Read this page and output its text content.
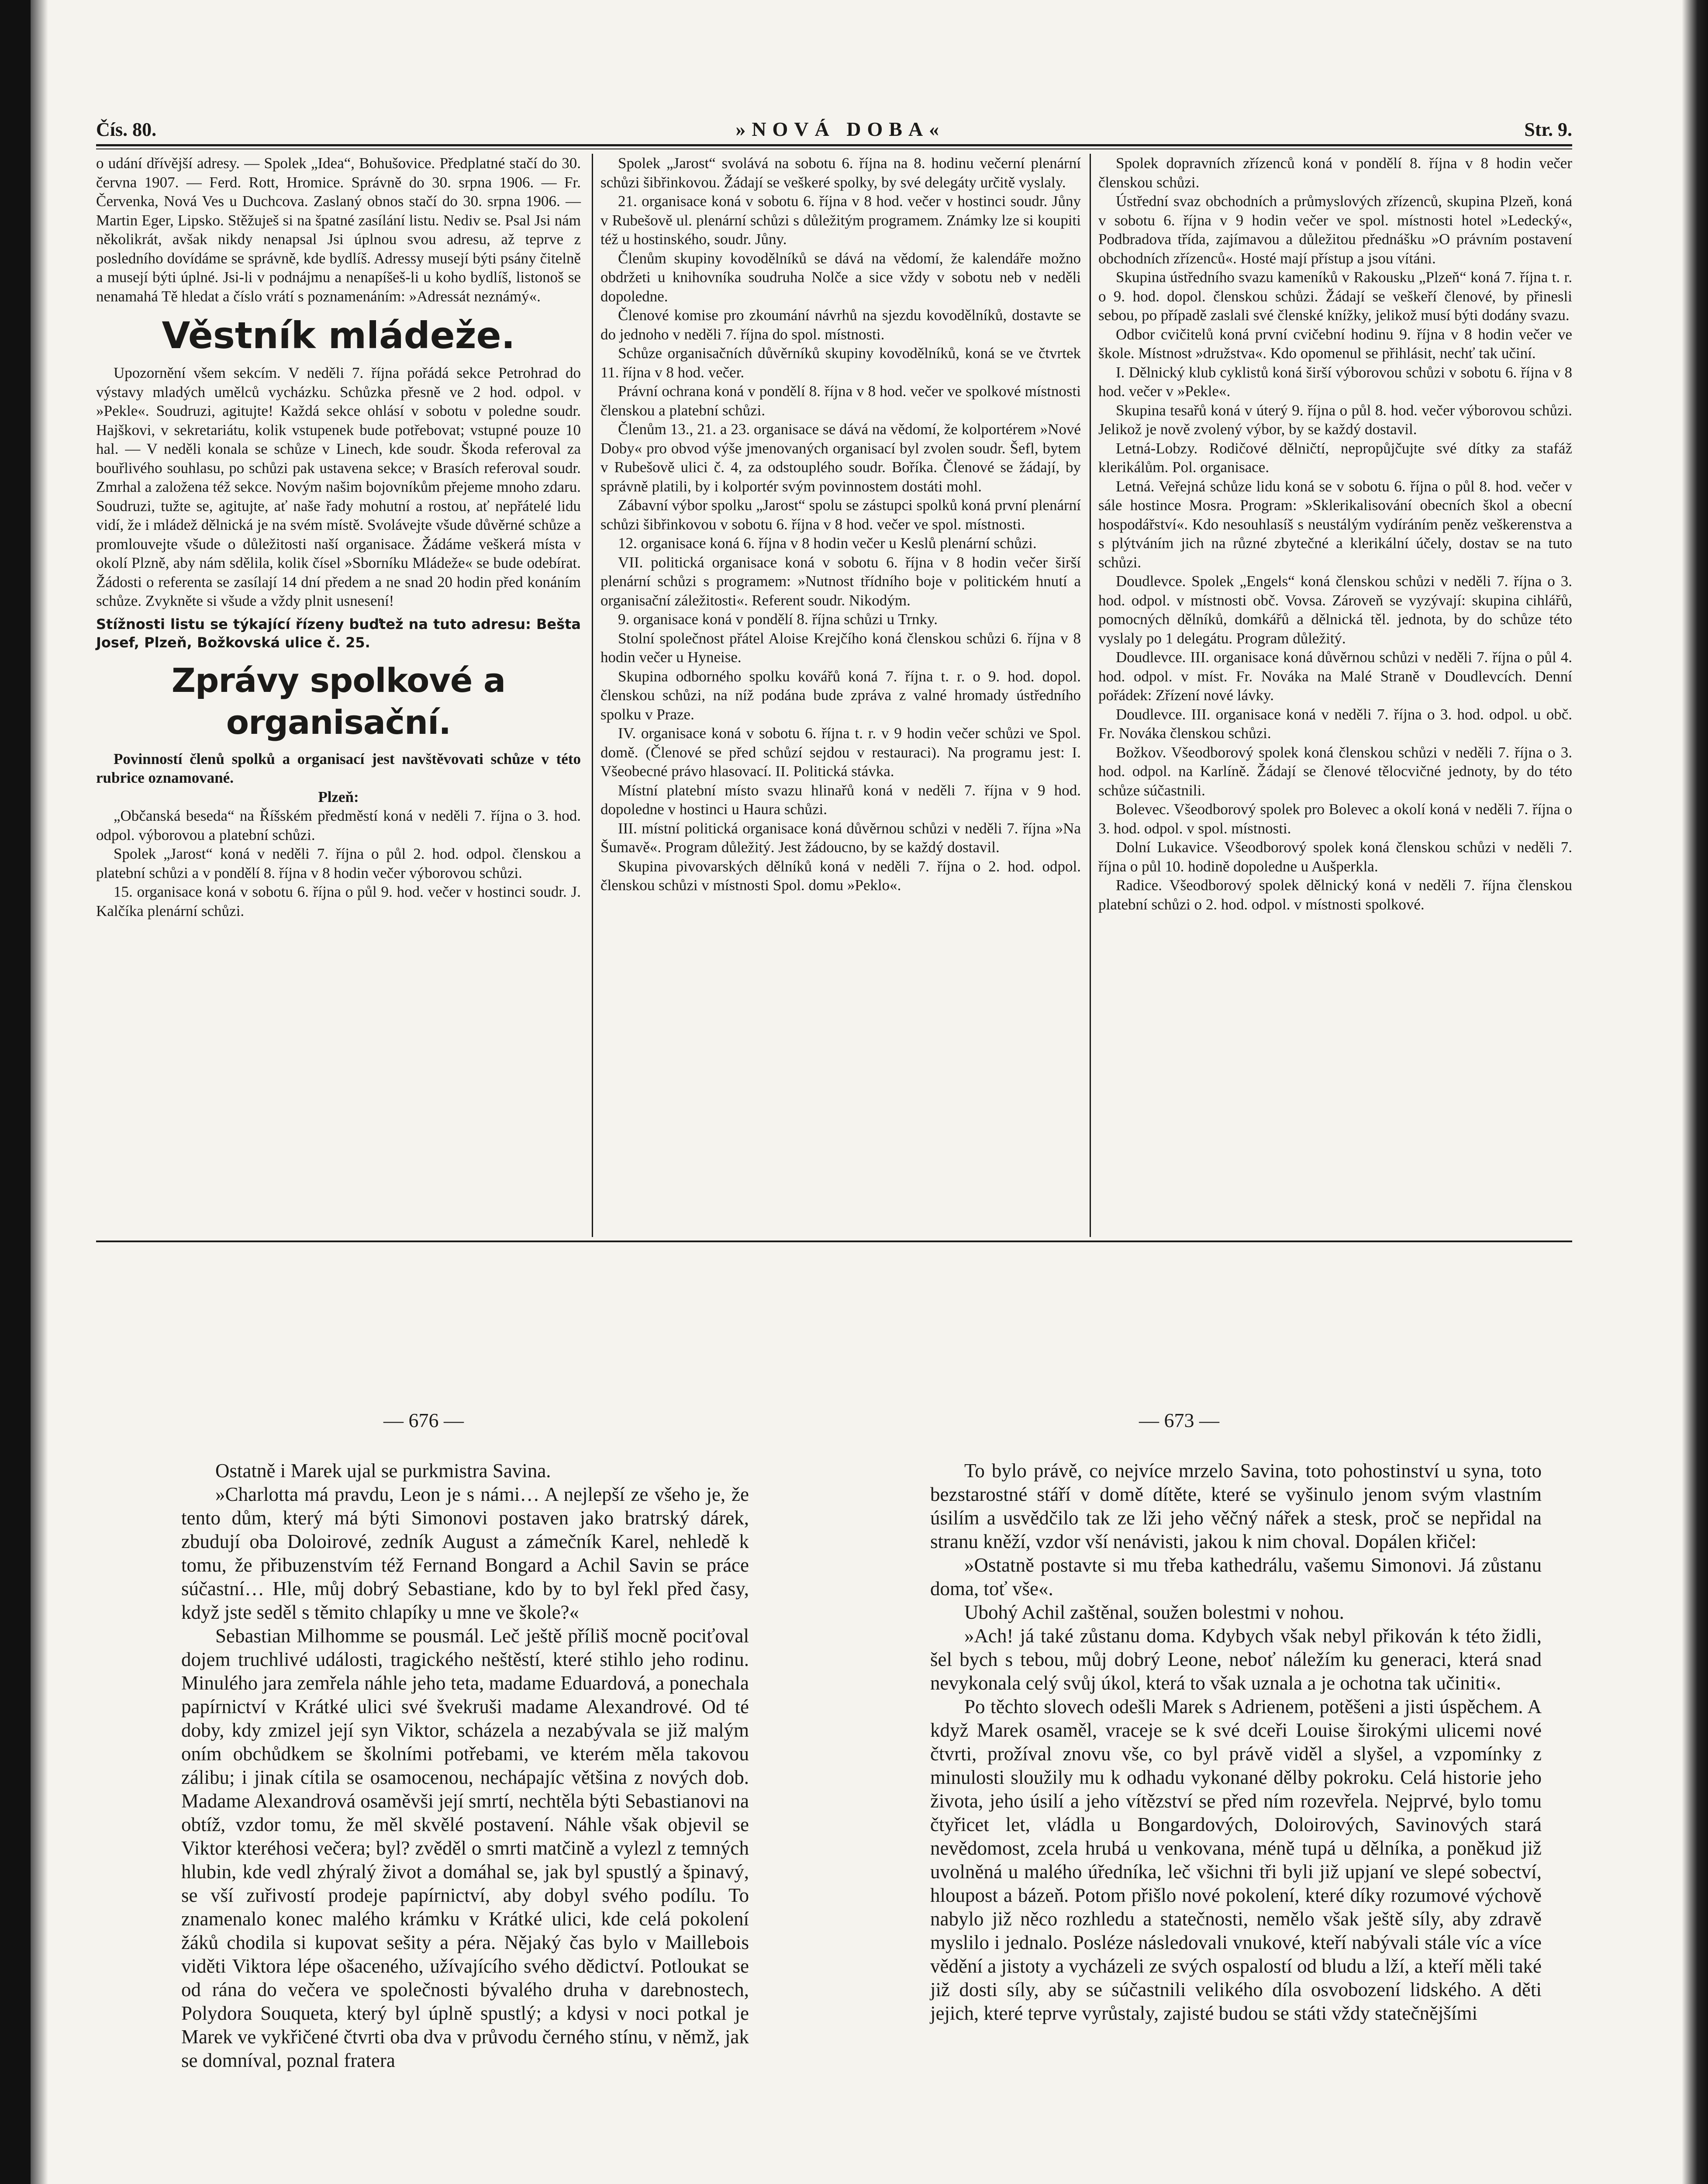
Čís. 80.	»NOVÁ DOBA«	Str. 9.

o udání dřívější adresy. — Spolek „Idea“, Bohušovice. Předplatné stačí do 30. června 1907. — Ferd. Rott, Hromice. Správně do 30. srpna 1906. — Fr. Červenka, Nová Ves u Duchcova. Zaslaný obnos stačí do 30. srpna 1906. — Martin Eger, Lipsko. Stěžuješ si na špatné zasílání listu. Nediv se. Psal Jsi nám několikrát, avšak nikdy nenapsal Jsi úplnou svou adresu, až teprve z posledního dovídáme se správně, kde bydlíš. Adressy musejí býti psány čitelně a musejí býti úplné. Jsi-li v podnájmu a nenapíšeš-li u koho bydlíš, listonoš se nenamahá Tě hledat a číslo vrátí s poznamenáním: »Adressát neznámý«.

Věstník mládeže.

Upozornění všem sekcím. V neděli 7. října pořádá sekce Petrohrad do výstavy mladých umělců vycházku. Schůzka přesně ve 2 hod. odpol. v »Pekle«. Soudruzi, agitujte! Každá sekce ohlásí v sobotu v poledne soudr. Hajškovi, v sekretariátu, kolik vstupenek bude potřebovat; vstupné pouze 10 hal. — V neděli konala se schůze v Linech, kde soudr. Škoda referoval za bouřlivého souhlasu, po schůzi pak ustavena sekce; v Brasích referoval soudr. Zmrhal a založena též sekce. Novým našim bojovníkům přejeme mnoho zdaru. Soudruzi, tužte se, agitujte, ať naše řady mohutní a rostou, ať nepřátelé lidu vidí, že i mládež dělnická je na svém místě. Svolávejte všude důvěrné schůze a promlouvejte všude o důležitosti naší organisace. Žádáme veškerá místa v okolí Plzně, aby nám sdělila, kolik čísel »Sborníku Mládeže« se bude odebírat. Žádosti o referenta se zasílají 14 dní předem a ne snad 20 hodin před konáním schůze. Zvykněte si všude a vždy plnit usnesení!

Stížnosti listu se týkající řízeny buďtež na tuto adresu: Bešta Josef, Plzeň, Božkovská ulice č. 25.
Zprávy spolkové a organisační.

Povinností členů spolků a organisací jest navštěvovati schůze v této rubrice oznamované.

Plzeň:

„Občanská beseda“ na Říšském předměstí koná v neděli 7. října o 3. hod. odpol. výborovou a platební schůzi.

Spolek „Jarost“ koná v neděli 7. října o půl 2. hod. odpol. členskou a platební schůzi a v pondělí 8. října v 8 hodin večer výborovou schůzi.

15. organisace koná v sobotu 6. října o půl 9. hod. večer v hostinci soudr. J. Kalčíka plenární schůzi.

Spolek „Jarost“ svolává na sobotu 6. října na 8. hodinu večerní plenární schůzi šibřinkovou. Žádají se veškeré spolky, by své delegáty určitě vyslaly.

21. organisace koná v sobotu 6. října v 8 hod. večer v hostinci soudr. Jůny v Rubešově ul. plenární schůzi s důležitým programem. Známky lze si koupiti též u hostinského, soudr. Jůny.

Členům skupiny kovodělníků se dává na vědomí, že kalendáře možno obdržeti u knihovníka soudruha Nolče a sice vždy v sobotu neb v neděli dopoledne.

Členové komise pro zkoumání návrhů na sjezdu kovodělníků, dostavte se do jednoho v neděli 7. října do spol. místnosti.

Schůze organisačních důvěrníků skupiny kovodělníků, koná se ve čtvrtek 11. října v 8 hod. večer.

Právní ochrana koná v pondělí 8. října v 8 hod. večer ve spolkové místnosti členskou a platební schůzi.

Členům 13., 21. a 23. organisace se dává na vědomí, že kolportérem »Nové Doby« pro obvod výše jmenovaných organisací byl zvolen soudr. Šefl, bytem v Rubešově ulici č. 4, za odstouplého soudr. Boříka. Členové se žádají, by správně platili, by i kolportér svým povinnostem dostáti mohl.

Zábavní výbor spolku „Jarost“ spolu se zástupci spolků koná první plenární schůzi šibřinkovou v sobotu 6. října v 8 hod. večer ve spol. místnosti.

12. organisace koná 6. října v 8 hodin večer u Keslů plenární schůzi.

VII. politická organisace koná v sobotu 6. října v 8 hodin večer širší plenární schůzi s programem: »Nutnost třídního boje v politickém hnutí a organisační záležitosti«. Referent soudr. Nikodým.

9. organisace koná v pondělí 8. října schůzi u Trnky.

Stolní společnost přátel Aloise Krejčího koná členskou schůzi 6. října v 8 hodin večer u Hyneise.

Skupina odborného spolku kovářů koná 7. října t. r. o 9. hod. dopol. členskou schůzi, na níž podána bude zpráva z valné hromady ústředního spolku v Praze.

IV. organisace koná v sobotu 6. října t. r. v 9 hodin večer schůzi ve Spol. domě. (Členové se před schůzí sejdou v restauraci). Na programu jest: I. Všeobecné právo hlasovací. II. Politická stávka.

Místní platební místo svazu hlinařů koná v neděli 7. října v 9 hod. dopoledne v hostinci u Haura schůzi.

III. místní politická organisace koná důvěrnou schůzi v neděli 7. října »Na Šumavě«. Program důležitý. Jest žádoucno, by se každý dostavil.

Skupina pivovarských dělníků koná v neděli 7. října o 2. hod. odpol. členskou schůzi v místnosti Spol. domu »Peklo«.

Spolek dopravních zřízenců koná v pondělí 8. října v 8 hodin večer členskou schůzi.

Ústřední svaz obchodních a průmyslových zřízenců, skupina Plzeň, koná v sobotu 6. října v 9 hodin večer ve spol. místnosti hotel »Ledecký«, Podbradova třída, zajímavou a důležitou přednášku »O právním postavení obchodních zřízenců«. Hosté mají přístup a jsou vítáni.

Skupina ústředního svazu kameníků v Rakousku „Plzeň“ koná 7. října t. r. o 9. hod. dopol. členskou schůzi. Žádají se veškeří členové, by přinesli sebou, po případě zaslali své členské knížky, jelikož musí býti dodány svazu.

Odbor cvičitelů koná první cvičební hodinu 9. října v 8 hodin večer ve škole. Místnost »družstva«. Kdo opomenul se přihlásit, nechť tak učiní.

I. Dělnický klub cyklistů koná širší výborovou schůzi v sobotu 6. října v 8 hod. večer v »Pekle«.

Skupina tesařů koná v úterý 9. října o půl 8. hod. večer výborovou schůzi. Jelikož je nově zvolený výbor, by se každý dostavil.

Letná-Lobzy. Rodičové dělničtí, nepropůjčujte své dítky za stafáž klerikálům. Pol. organisace.

Letná. Veřejná schůze lidu koná se v sobotu 6. října o půl 8. hod. večer v sále hostince Mosra. Program: »Sklerikalisování obecních škol a obecní hospodářství«. Kdo nesouhlasíš s neustálým vydíráním peněz veškerenstva a s plýtváním jich na různé zbytečné a klerikální účely, dostav se na tuto schůzi.

Doudlevce. Spolek „Engels“ koná členskou schůzi v neděli 7. října o 3. hod. odpol. v místnosti obč. Vovsa. Zároveň se vyzývají: skupina cihlářů, pomocných dělníků, domkářů a dělnická těl. jednota, by do schůze této vyslaly po 1 delegátu. Program důležitý.

Doudlevce. III. organisace koná důvěrnou schůzi v neděli 7. října o půl 4. hod. odpol. v míst. Fr. Nováka na Malé Straně v Doudlevcích. Denní pořádek: Zřízení nové lávky.

Doudlevce. III. organisace koná v neděli 7. října o 3. hod. odpol. u obč. Fr. Nováka členskou schůzi.

Božkov. Všeodborový spolek koná členskou schůzi v neděli 7. října o 3. hod. odpol. na Karlíně. Žádají se členové tělocvičné jednoty, by do této schůze súčastnili.

Bolevec. Všeodborový spolek pro Bolevec a okolí koná v neděli 7. října o 3. hod. odpol. v spol. místnosti.

Dolní Lukavice. Všeodborový spolek koná členskou schůzi v neděli 7. října o půl 10. hodině dopoledne u Aušperkla.

Radice. Všeodborový spolek dělnický koná v neděli 7. října členskou platební schůzi o 2. hod. odpol. v místnosti spolkové.

— 676 —	— 673 —

Ostatně i Marek ujal se purkmistra Savina.

»Charlotta má pravdu, Leon je s námi… A nejlepší ze všeho je, že tento dům, který má býti Simonovi postaven jako bratrský dárek, zbudují oba Doloirové, zedník August a zámečník Karel, nehledě k tomu, že přibuzenstvím též Fernand Bongard a Achil Savin se práce súčastní… Hle, můj dobrý Sebastiane, kdo by to byl řekl před časy, když jste seděl s těmito chlapíky u mne ve škole?«

Sebastian Milhomme se pousmál. Leč ještě příliš mocně pociťoval dojem truchlivé události, tragického neštěstí, které stihlo jeho rodinu. Minulého jara zemřela náhle jeho teta, madame Eduardová, a ponechala papírnictví v Krátké ulici své švekruši madame Alexandrové. Od té doby, kdy zmizel její syn Viktor, scházela a nezabývala se již malým oním obchůdkem se školními potřebami, ve kterém měla takovou zálibu; i jinak cítila se osamocenou, nechápajíc většina z nových dob. Madame Alexandrová osaměvši její smrtí, nechtěla býti Sebastianovi na obtíž, vzdor tomu, že měl skvělé postavení. Náhle však objevil se Viktor kteréhosi večera; byl? zvěděl o smrti matčině a vylezl z temných hlubin, kde vedl zhýralý život a domáhal se, jak byl spustlý a špinavý, se vší zuřivostí prodeje papírnictví, aby dobyl svého podílu. To znamenalo konec malého krámku v Krátké ulici, kde celá pokolení žáků chodila si kupovat sešity a péra. Nějaký čas bylo v Maillebois viděti Viktora lépe ošaceného, užívajícího svého dědictví. Potloukat se od rána do večera ve společnosti bývalého druha v darebnostech, Polydora Souqueta, který byl úplně spustlý; a kdysi v noci potkal je Marek ve vykřičené čtvrti oba dva v průvodu černého stínu, v němž, jak se domníval, poznal fratera

To bylo právě, co nejvíce mrzelo Savina, toto pohostinství u syna, toto bezstarostné stáří v domě dítěte, které se vyšinulo jenom svým vlastním úsilím a usvědčilo tak ze lži jeho věčný nářek a stesk, proč se nepřidal na stranu kněží, vzdor vší nenávisti, jakou k nim choval. Dopálen křičel:

»Ostatně postavte si mu třeba kathedrálu, vašemu Simonovi. Já zůstanu doma, toť vše«.

Ubohý Achil zaštěnal, soužen bolestmi v nohou.

»Ach! já také zůstanu doma. Kdybych však nebyl přikován k této židli, šel bych s tebou, můj dobrý Leone, neboť náležím ku generaci, která snad nevykonala celý svůj úkol, která to však uznala a je ochotna tak učiniti«.

Po těchto slovech odešli Marek s Adrienem, potěšeni a jisti úspěchem. A když Marek osaměl, vraceje se k své dceři Louise širokými ulicemi nové čtvrti, prožíval znovu vše, co byl právě viděl a slyšel, a vzpomínky z minulosti sloužily mu k odhadu vykonané dělby pokroku. Celá historie jeho života, jeho úsilí a jeho vítězství se před ním rozevřela. Nejprvé, bylo tomu čtyřicet let, vládla u Bongardových, Doloirových, Savinových stará nevědomost, zcela hrubá u venkovana, méně tupá u dělníka, a poněkud již uvolněná u malého úředníka, leč všichni tři byli již upjaní ve slepé sobectví, hloupost a bázeň. Potom přišlo nové pokolení, které díky rozumové výchově nabylo již něco rozhledu a statečnosti, nemělo však ještě síly, aby zdravě myslilo i jednalo. Posléze následovali vnukové, kteří nabývali stále víc a více vědění a jistoty a vycházeli ze svých ospalostí od bludu a lží, a kteří měli také již dosti síly, aby se súčastnili velikého díla osvobození lidského. A děti jejich, které teprve vyrůstaly, zajisté budou se státi vždy statečnějšími
